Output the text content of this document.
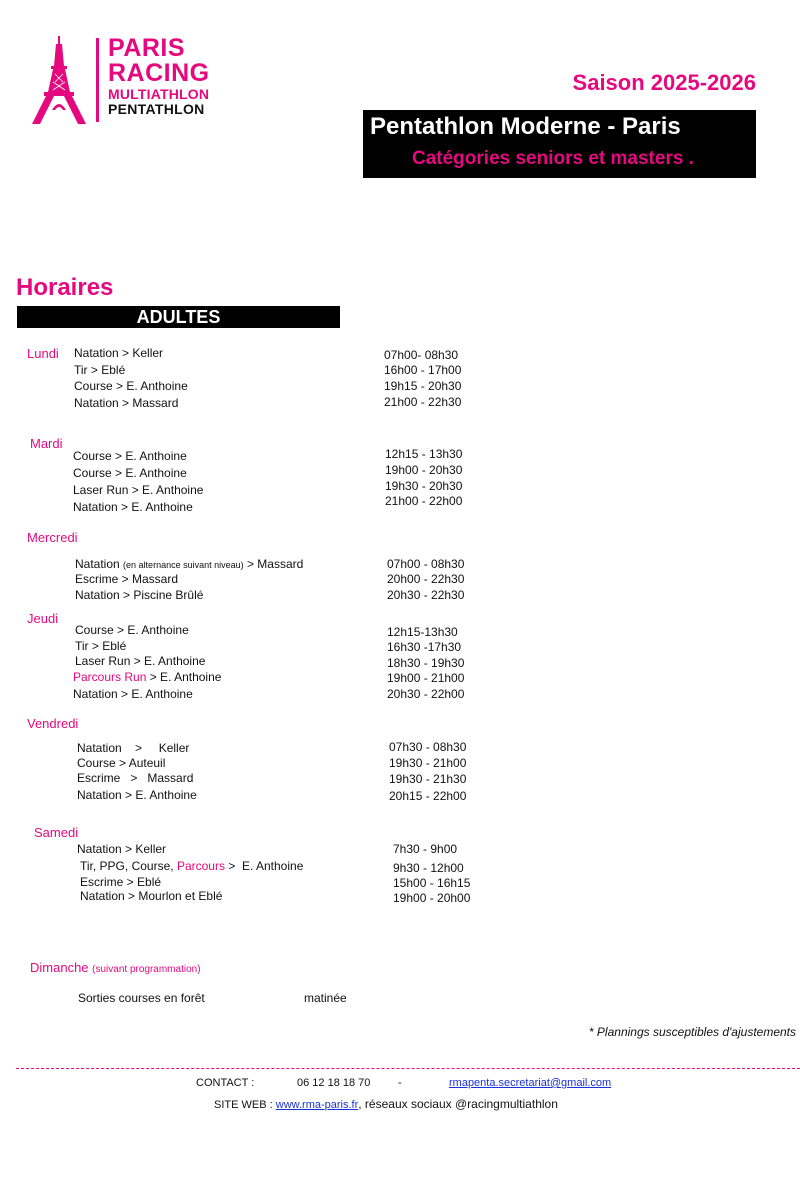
PARIS
RACING
MULTIATHLON
PENTATHLON
Saison 2025-2026
Pentathlon Moderne - Paris
Catégories seniors et masters .
Horaires
ADULTES
Lundi Natation > Keller	07h00- 08h30
Tir > Eblé	16h00 - 17h00
Course > E. Anthoine	19h15 - 20h30
Natation > Massard	21h00 - 22h30
Mardi
Course > E. Anthoine	12h15 - 13h30
Course > E. Anthoine	19h00 - 20h30
Laser Run > E. Anthoine	19h30 - 20h30
Natation > E. Anthoine	21h00 - 22h00
Mercredi
Natation (en alternance suivant niveau) > Massard	07h00 - 08h30
Escrime > Massard	20h00 - 22h30
Natation > Piscine Brûlé	20h30 - 22h30
Jeudi
Course > E. Anthoine	12h15-13h30
Tir > Eblé	16h30 -17h30
Laser Run > E. Anthoine	18h30 - 19h30
Parcours Run > E. Anthoine	19h00 - 21h00
Natation > E. Anthoine	20h30 - 22h00
Vendredi
Natation    >     Keller	07h30 - 08h30
Course > Auteuil	19h30 - 21h00
Escrime   >   Massard	19h30 - 21h30
Natation > E. Anthoine	20h15 - 22h00
Samedi
Natation > Keller	7h30 - 9h00
Tir, PPG, Course, Parcours >  E. Anthoine	9h30 - 12h00
Escrime > Eblé	15h00 - 16h15
Natation > Mourlon et Eblé	19h00 - 20h00
Dimanche (suivant programmation)
Sorties courses en forêt	matinée
* Plannings susceptibles d'ajustements
CONTACT :	06 12 18 18 70	-	rmapenta.secretariat@gmail.com
SITE WEB : www.rma-paris.fr, réseaux sociaux @racingmultiathlon
